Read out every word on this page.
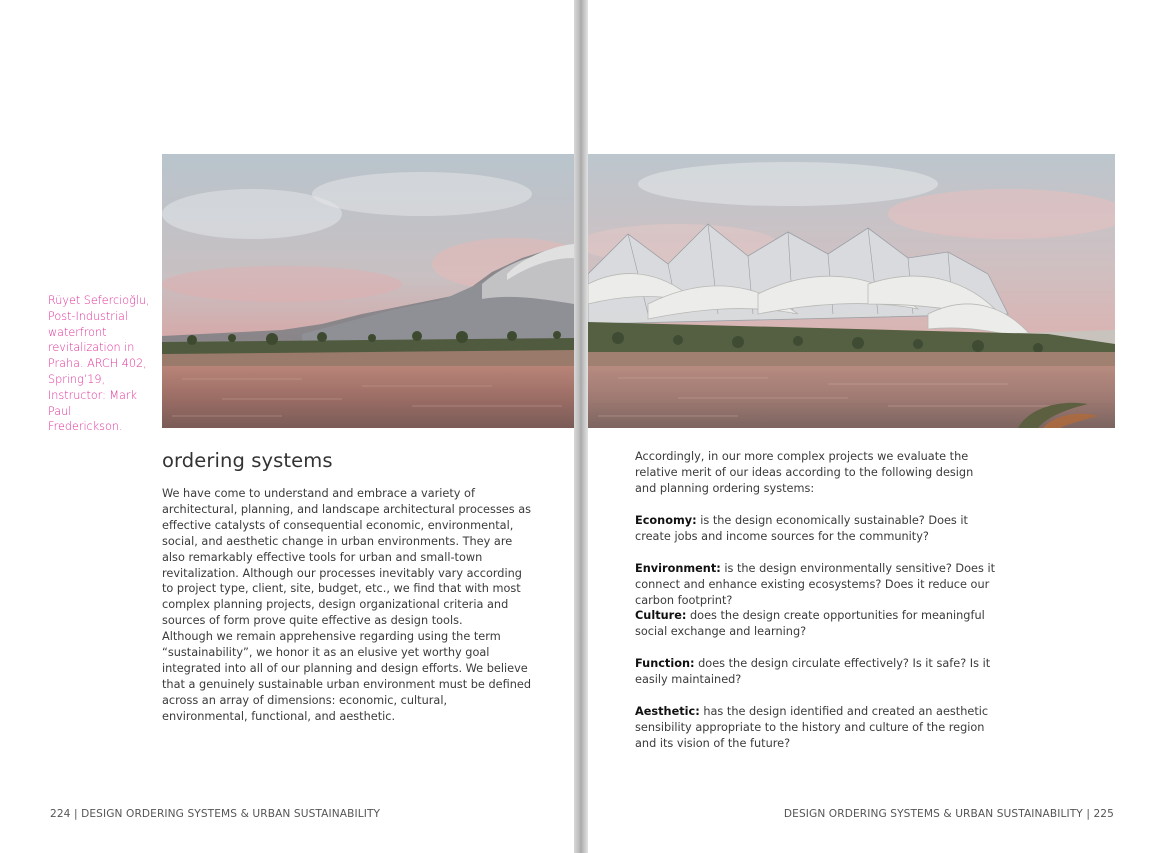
Rüyet Sefercioğlu,
Post-Industrial
waterfront
revitalization in
Praha. ARCH 402,
Spring’19,
Instructor: Mark Paul
Frederickson.
ordering systems

We have come to understand and embrace a variety of architectural, planning, and landscape architectural processes as effective catalysts of consequential economic, environmental, social, and aesthetic change in urban environments. They are also remarkably effective tools for urban and small-town revitalization. Although our processes inevitably vary according to project type, client, site, budget, etc., we find that with most complex planning projects, design organizational criteria and sources of form prove quite effective as design tools.

Although we remain apprehensive regarding using the term “sustainability”, we honor it as an elusive yet worthy goal integrated into all of our planning and design efforts. We believe that a genuinely sustainable urban environment must be defined across an array of dimensions: economic, cultural, environmental, functional, and aesthetic.

Accordingly, in our more complex projects we evaluate the relative merit of our ideas according to the following design and planning ordering systems:

Economy: is the design economically sustainable? Does it create jobs and income sources for the community?

Environment: is the design environmentally sensitive? Does it connect and enhance existing ecosystems? Does it reduce our carbon footprint?

Culture: does the design create opportunities for meaningful social exchange and learning?

Function: does the design circulate effectively? Is it safe? Is it easily maintained?

Aesthetic: has the design identified and created an aesthetic sensibility appropriate to the history and culture of the region and its vision of the future?

224 | DESIGN ORDERING SYSTEMS & URBAN SUSTAINABILITY	DESIGN ORDERING SYSTEMS & URBAN SUSTAINABILITY | 225
